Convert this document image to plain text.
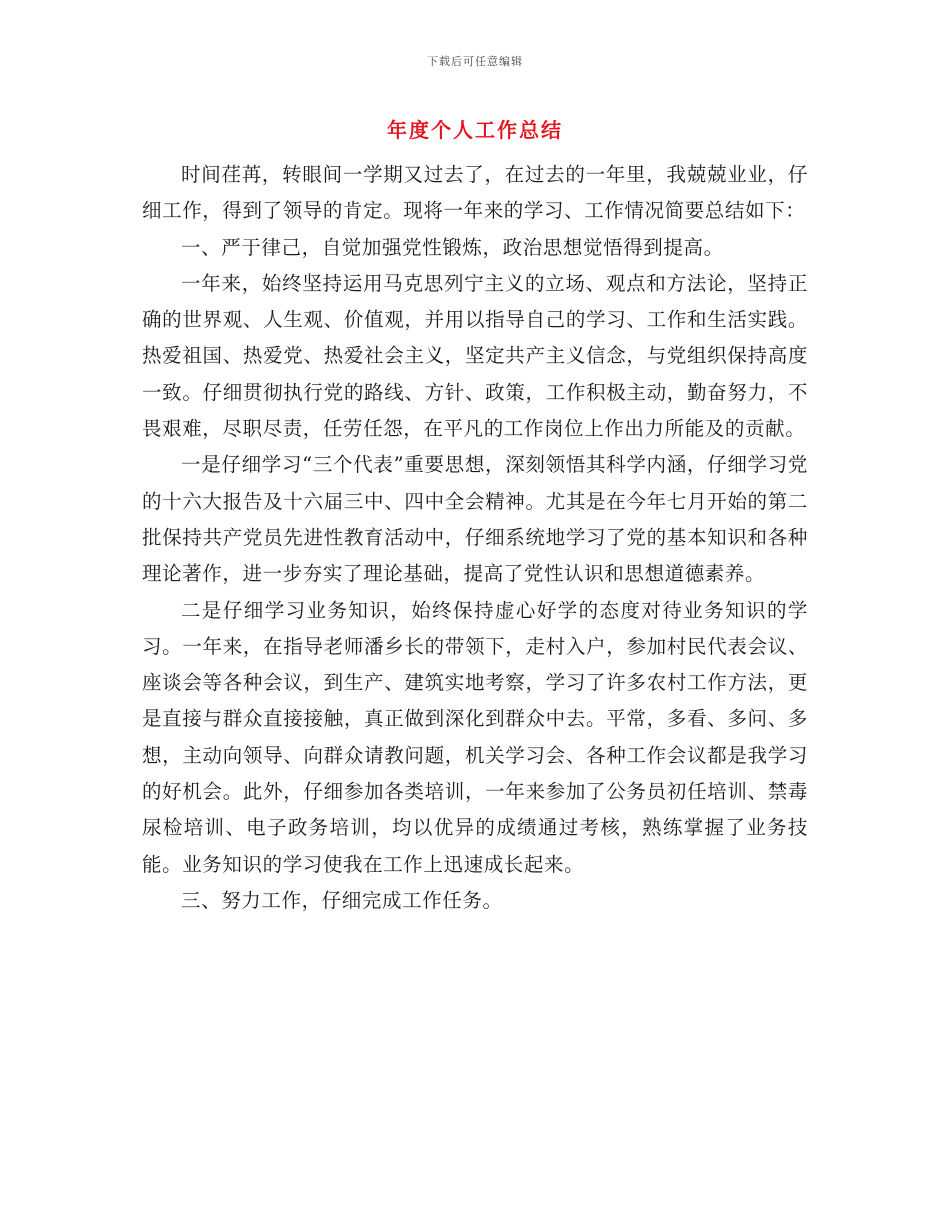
下载后可任意编辑
年度个人工作总结

时间荏苒，转眼间一学期又过去了，在过去的一年里，我兢兢业业，仔细工作，得到了领导的肯定。现将一年来的学习、工作情况简要总结如下：

一、严于律己，自觉加强党性锻炼，政治思想觉悟得到提高。

一年来，始终坚持运用马克思列宁主义的立场、观点和方法论，坚持正确的世界观、人生观、价值观，并用以指导自己的学习、工作和生活实践。热爱祖国、热爱党、热爱社会主义，坚定共产主义信念，与党组织保持高度一致。仔细贯彻执行党的路线、方针、政策，工作积极主动，勤奋努力，不畏艰难，尽职尽责，任劳任怨，在平凡的工作岗位上作出力所能及的贡献。

一是仔细学习“三个代表”重要思想，深刻领悟其科学内涵，仔细学习党的十六大报告及十六届三中、四中全会精神。尤其是在今年七月开始的第二批保持共产党员先进性教育活动中，仔细系统地学习了党的基本知识和各种理论著作，进一步夯实了理论基础，提高了党性认识和思想道德素养。

二是仔细学习业务知识，始终保持虚心好学的态度对待业务知识的学习。一年来，在指导老师潘乡长的带领下，走村入户，参加村民代表会议、座谈会等各种会议，到生产、建筑实地考察，学习了许多农村工作方法，更是直接与群众直接接触，真正做到深化到群众中去。平常，多看、多问、多想，主动向领导、向群众请教问题，机关学习会、各种工作会议都是我学习的好机会。此外，仔细参加各类培训，一年来参加了公务员初任培训、禁毒尿检培训、电子政务培训，均以优异的成绩通过考核，熟练掌握了业务技能。业务知识的学习使我在工作上迅速成长起来。

三、努力工作，仔细完成工作任务。
